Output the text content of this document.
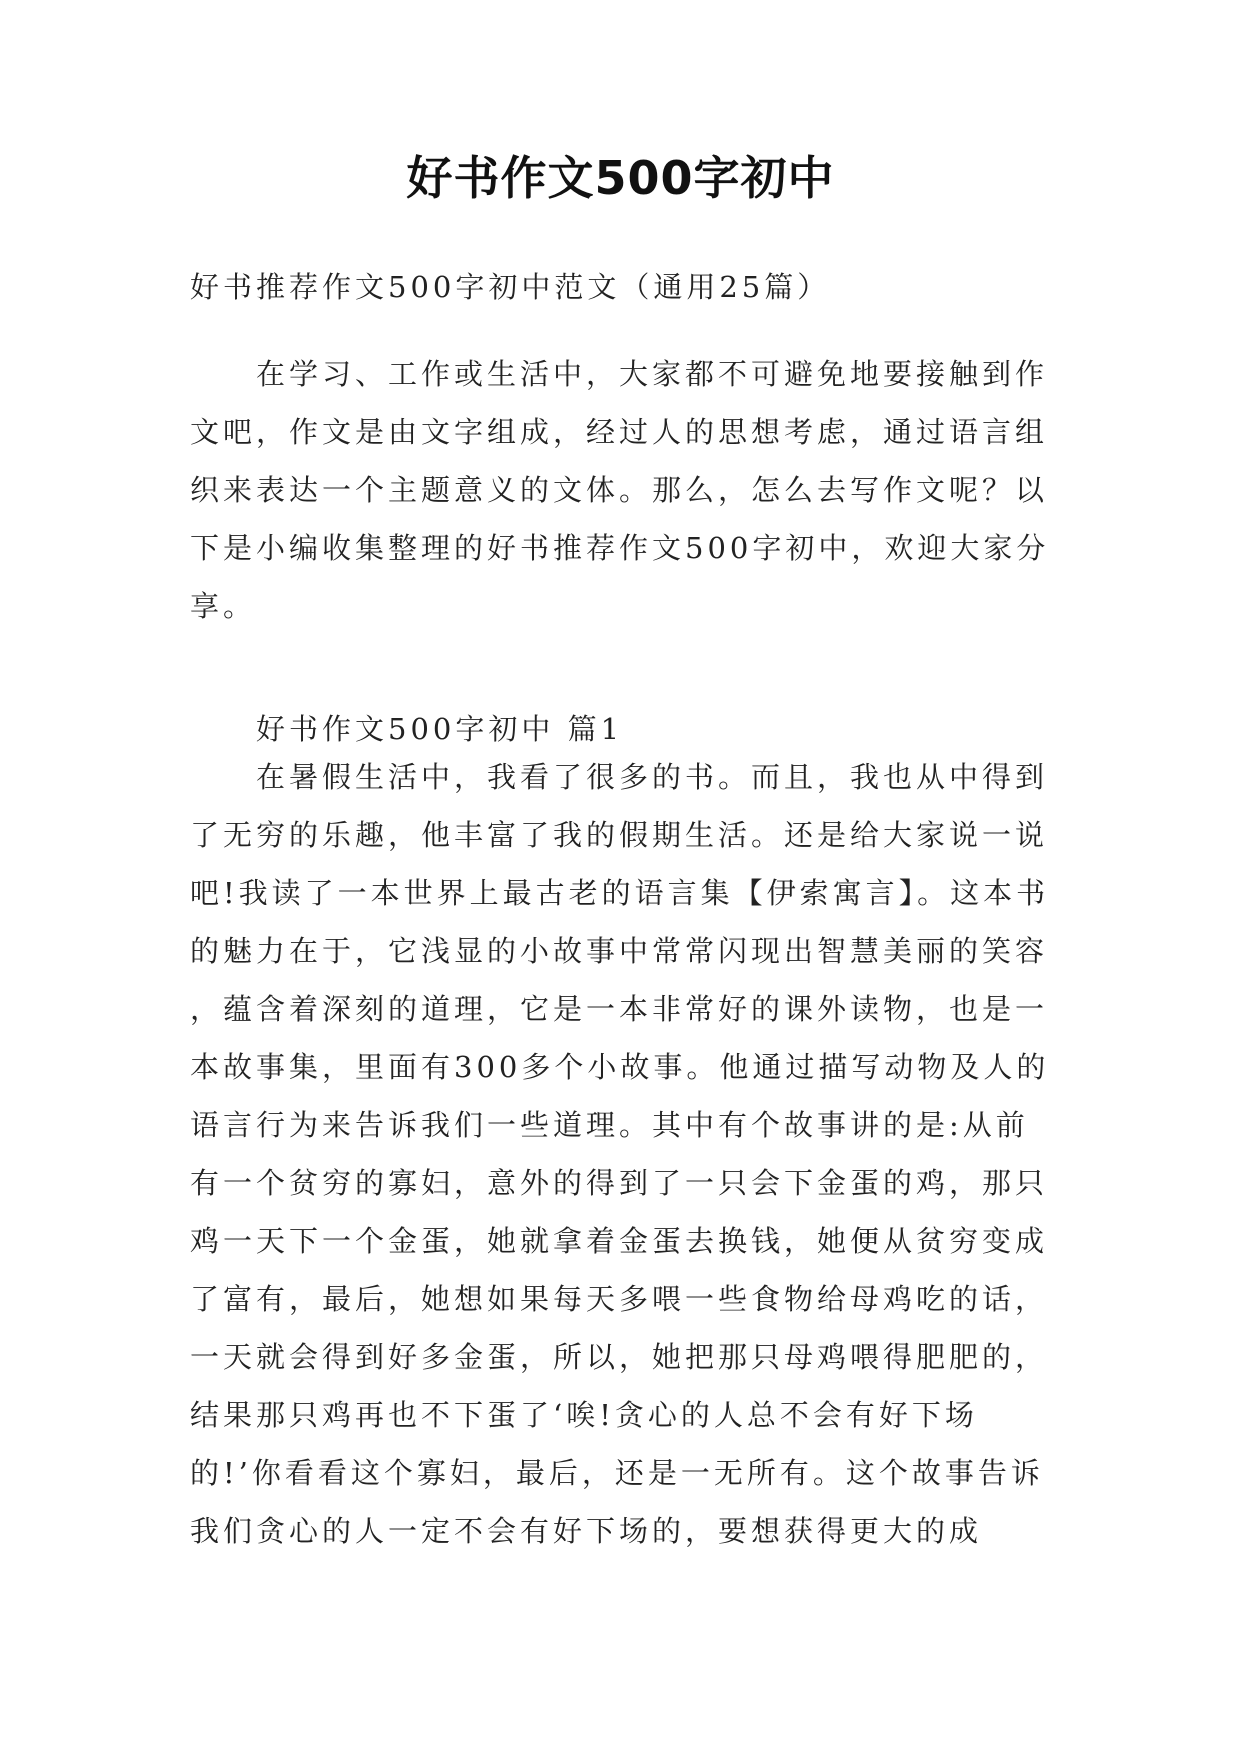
好书作文500字初中

好书推荐作文500字初中范文（通用25篇）

在学习、工作或生活中，大家都不可避免地要接触到作文吧，作文是由文字组成，经过人的思想考虑，通过语言组织来表达一个主题意义的文体。那么，怎么去写作文呢？以下是小编收集整理的好书推荐作文500字初中，欢迎大家分享。

好书作文500字初中 篇1

在暑假生活中，我看了很多的书。而且，我也从中得到了无穷的乐趣，他丰富了我的假期生活。还是给大家说一说吧!我读了一本世界上最古老的语言集【伊索寓言】。这本书的魅力在于，它浅显的小故事中常常闪现出智慧美丽的笑容 ，蕴含着深刻的道理，它是一本非常好的课外读物，也是一本故事集，里面有300多个小故事。他通过描写动物及人的语言行为来告诉我们一些道理。其中有个故事讲的是:从前有一个贫穷的寡妇，意外的得到了一只会下金蛋的鸡，那只鸡一天下一个金蛋，她就拿着金蛋去换钱，她便从贫穷变成了富有，最后，她想如果每天多喂一些食物给母鸡吃的话，一天就会得到好多金蛋，所以，她把那只母鸡喂得肥肥的，结果那只鸡再也不下蛋了‘唉!贪心的人总不会有好下场的!’你看看这个寡妇，最后，还是一无所有。这个故事告诉我们贪心的人一定不会有好下场的，要想获得更大的成
